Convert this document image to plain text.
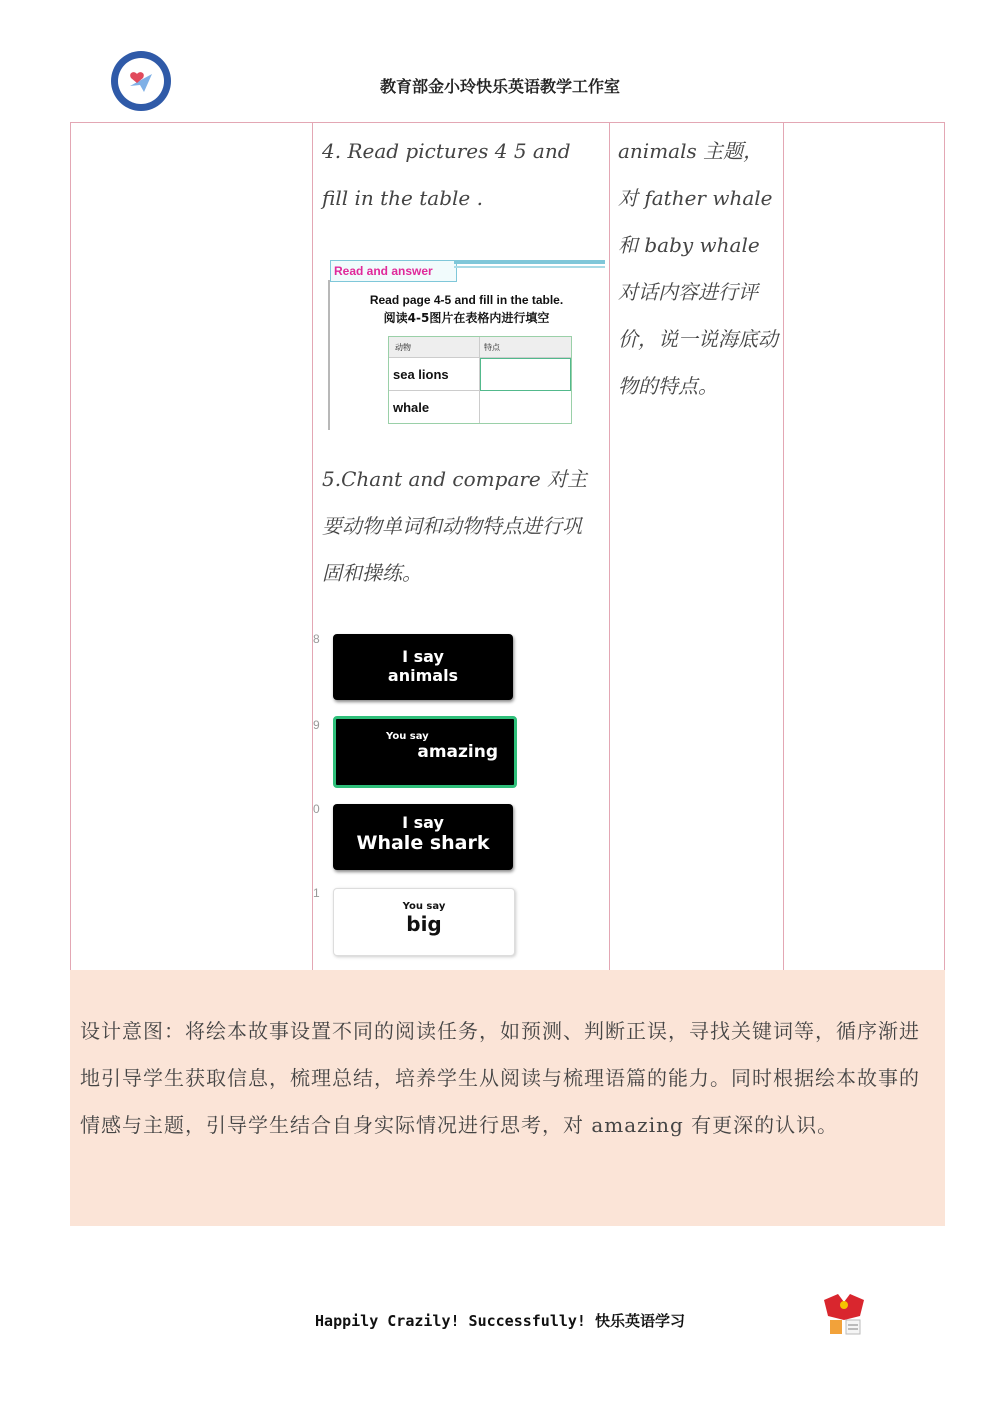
教育部金小玲快乐英语教学工作室
4. Read pictures 4 5 and fill in the table .
Read and answer
Read page 4-5 and fill in the table.
阅读4-5图片在表格内进行填空
动物	特点
sea lions
whale
5.Chant and compare 对主要动物单词和动物特点进行巩固和操练。
8
I say
animals
9
You say
amazing
0
I say
Whale shark
1
You say
big
animals 主题，对 father whale 和 baby whale 对话内容进行评价，说一说海底动物的特点。
设计意图：将绘本故事设置不同的阅读任务，如预测、判断正误，寻找关键词等，循序渐进地引导学生获取信息，梳理总结，培养学生从阅读与梳理语篇的能力。同时根据绘本故事的情感与主题，引导学生结合自身实际情况进行思考，对 amazing 有更深的认识。
Happily Crazily! Successfully! 快乐英语学习
